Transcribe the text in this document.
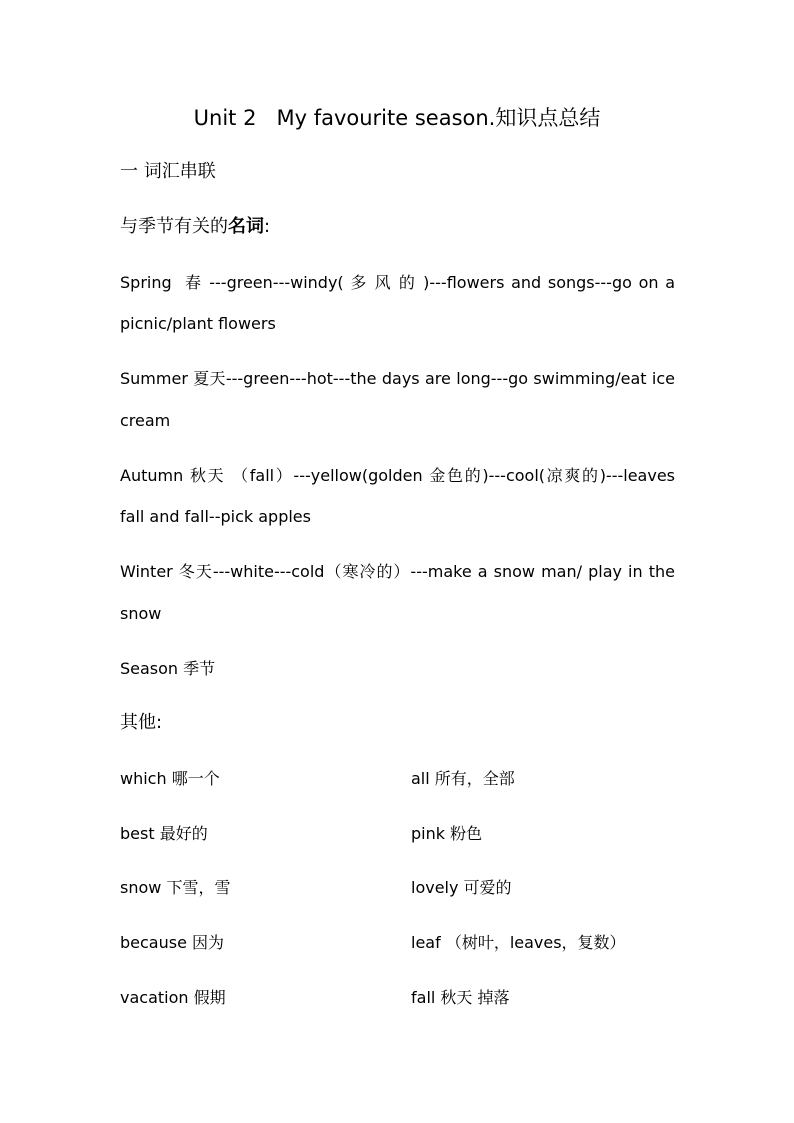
Unit 2   My favourite season.知识点总结
一 词汇串联
与季节有关的名词:
Spring  春 ---green---windy( 多 风 的 )---flowers and songs---go on a
picnic/plant flowers
Summer 夏天---green---hot---the days are long---go swimming/eat ice
cream
Autumn 秋天 （fall）---yellow(golden 金色的)---cool(凉爽的)---leaves
fall and fall--pick apples
Winter 冬天---white---cold（寒冷的）---make a snow man/ play in the
snow
Season 季节
其他:
which 哪一个	all 所有，全部
best 最好的	pink 粉色
snow 下雪，雪	lovely 可爱的
because 因为	leaf （树叶，leaves，复数）
vacation 假期	fall 秋天 掉落
